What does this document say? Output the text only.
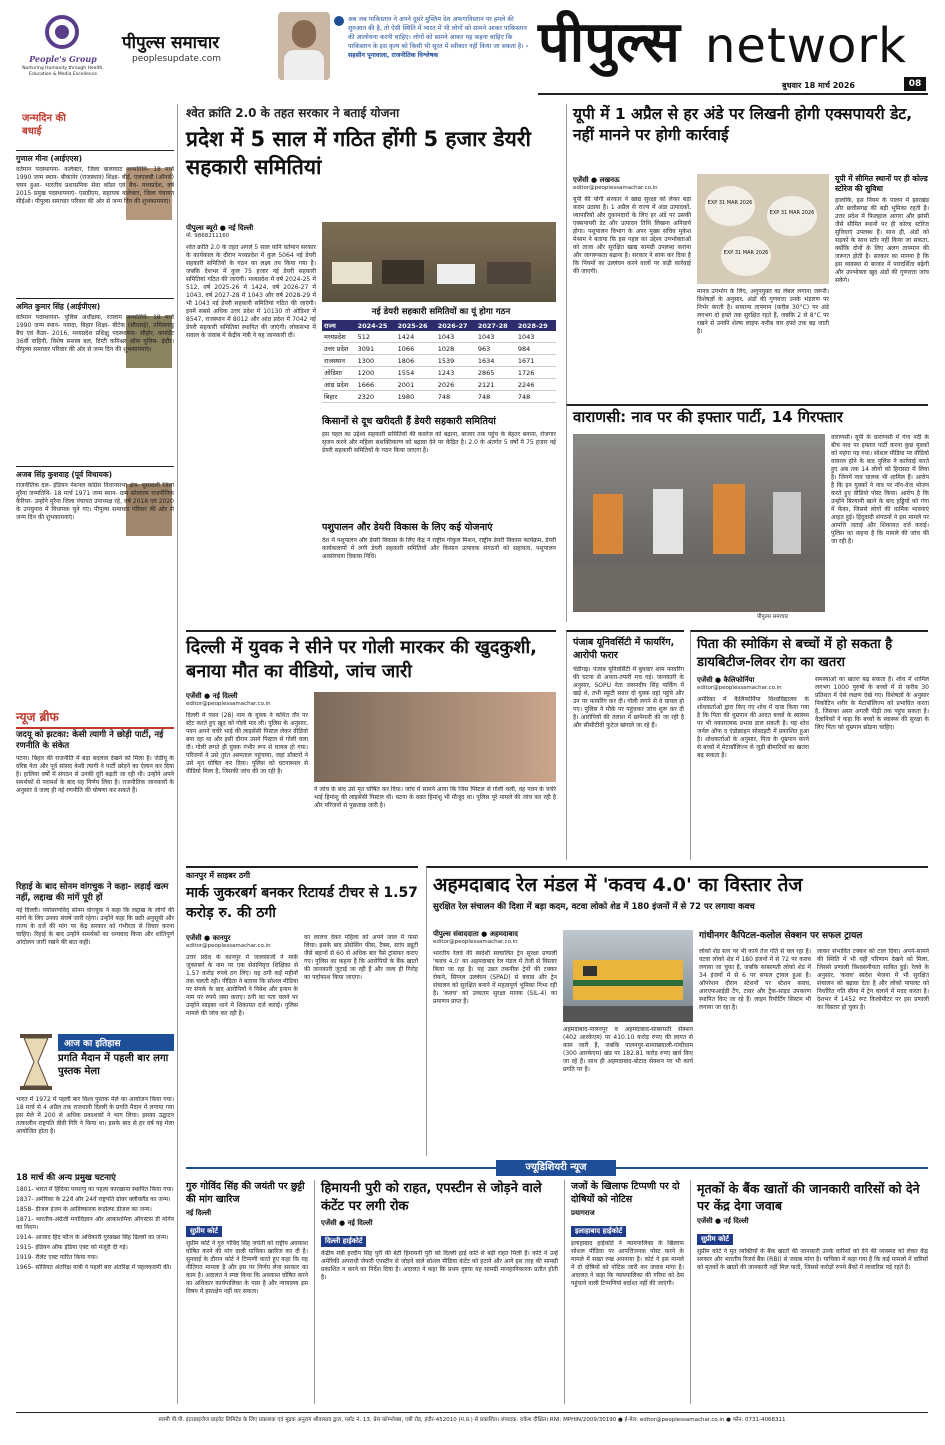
People's Group
Nurturing Humanity through Health, Education & Media Excellence
पीपुल्स समाचार
peoplesupdate.com
अब जब पाकिस्तान ने अपने दूसरे मुस्लिम देश अफगानिस्तान पर हमले की शुरुआत की है, तो ऐसी स्थिति में भारत में भी लोगों को सामने आकर पाकिस्तान की आलोचना करनी चाहिए। लोगों को सामने आकर यह कहना चाहिए कि पाकिस्तान के इस कृत्य को किसी भी सूरत में स्वीकार नहीं किया जा सकता है। - सहसीन पूनावाला, राजनीतिक विश्लेषक	पीपुल्स network
बुधवार 18 मार्च 2026	08
जन्मदिन की बधाई
गुणाल मीना (आईएएस)
वर्तमान पदस्थापना- कलेक्टर, जिला बालाघाट जन्मतिथि- 18 मार्च 1990 जन्म स्थान- बीकानेर (राजस्थान) शिक्षा- बीई, एलएलबी (ऑनर्स) चयन हुआ- भारतीय प्रशासनिक सेवा कॉडर एवं बैच- मध्यप्रदेश, वर्ष 2015 प्रमुख पदस्थापनाएं- एसडीएम, सहायक कलेक्टर, जिला पंचायत सीईओ। पीपुल्स समाचार परिवार की ओर से जन्म दिन की शुभकामनाएं।
अमित कुमार सिंह (आईपीएस)
वर्तमान पदस्थापना- पुलिस अधीक्षक, रतलाम जन्मतिथि- 18 मार्च 1990 जन्म स्थान- नवादा, बिहार शिक्षा- बीटेक (सीएसई), तमिलनाडु बैच एवं कैडर- 2016, मध्यप्रदेश प्रशिक्षु पदस्थापना- सीहोर, कमांडेंट 36वीं वाहिनी, विशेष सशस्त्र बल, डिप्टी कमिश्नर ऑफ पुलिस- इंदौर। पीपुल्स समाचार परिवार की ओर से जन्म दिन की शुभकामनाएं।
अजब सिंह कुशवाह (पूर्व विधायक)
राजनीतिक दल- इंडियन नेशनल कांग्रेस विधानसभा क्षेत्र- सुमावली जिला मुरैना जन्मतिथि- 18 मार्च 1971 जन्म स्थान- ग्राम कोलारस राजनीतिक कैरियर- उन्होंने मुरैना जिला पंचायत उपाध्यक्ष रहे, वर्ष 2018 एवं 2020 के उपचुनाव में विधायक चुने गए। पीपुल्स समाचार परिवार की ओर से जन्म दिन की शुभकामनाएं।
न्यूज ब्रीफ
जदयू को झटका: केसी त्यागी ने छोड़ी पार्टी, नई रणनीति के संकेत
पटना। बिहार की राजनीति में बड़ा बदलाव देखने को मिला है। जेडीयू के वरिष्ठ नेता और पूर्व सांसद केसी त्यागी ने पार्टी छोड़ने का ऐलान कर दिया है। हालिया वर्षों में संगठन से उनकी दूरी बढ़ती जा रही थी। उन्होंने अपने समर्थकों से परामर्श के बाद यह निर्णय लिया है। राजनीतिक जानकारों के अनुसार वे जल्द ही नई रणनीति की घोषणा कर सकते हैं।
रिहाई के बाद सोनम वांगचुक ने कहा- लड़ाई खत्म नहीं, लद्दाख की मांगें पूरी हों
नई दिल्ली। पर्यावरणविद् सोनम वांगचुक ने कहा कि लद्दाख के लोगों की मांगों के लिए उनका संघर्ष जारी रहेगा। उन्होंने कहा कि छठी अनुसूची और राज्य के दर्जे की मांग पर केंद्र सरकार को गंभीरता से विचार करना चाहिए। रिहाई के बाद उन्होंने समर्थकों का धन्यवाद किया और शांतिपूर्ण आंदोलन जारी रखने की बात कही।
आज का इतिहास
प्रगति मैदान में पहली बार लगा पुस्तक मेला
भारत में 1972 में पहली बार विश्व पुस्तक मेले का आयोजन किया गया। 18 मार्च से 4 अप्रैल तक राजधानी दिल्ली के प्रगति मैदान में लगाया गया इस मेले में 200 से अधिक प्रकाशकों ने भाग लिया। इसका उद्घाटन तत्कालीन राष्ट्रपति वीवी गिरि ने किया था। इसके बाद से हर वर्ष यह मेला आयोजित होता है।
18 मार्च की अन्य प्रमुख घटनाएं
1801- भारत में हिंदिया परमाणु का पहला कारखाना स्थापित किया गया।
1837- अमेरिका के 22वें और 24वें राष्ट्रपति ग्रोवर क्लीवलैंड का जन्म।
1858- डीजल इंजन के आविष्कारक रूडोल्फ डीजल का जन्म।
1871- भारतीय-अंग्रेजी मनोविज्ञान और आकाशमिक ऑगस्टस डी मोर्गन का निधन।
1914- आजाद हिंद फौज के अधिकारी गुरबख्श सिंह ढिल्लों का जन्म।
1915- इंडियन ऑफ इंडिया एक्ट को मंजूरी दी गई।
1919- रौलेट एक्ट पारित किया गया।
1965- सोवियत अंतरिक्ष यात्री ने पहली बार अंतरिक्ष में चहलकदमी की।
श्वेत क्रांति 2.0 के तहत सरकार ने बताई योजना
प्रदेश में 5 साल में गठित होंगी 5 हजार डेयरी सहकारी समितियां
पीपुल्स ब्यूरो ● नई दिल्ली
मो. 9868211160
श्वेत क्रांति 2.0 के तहत अगले 5 साल यानि वर्तमान सरकार के कार्यकाल के दौरान मध्यप्रदेश में कुल 5064 नई डेयरी सहकारी समितियों के गठन का लक्ष्य तय किया गया है। जबकि देशभर में कुल 75 हजार नई डेयरी सहकारी समितियां गठित की जाएंगी। मध्यप्रदेश में वर्ष 2024-25 में 512, वर्ष 2025-26 में 1424, वर्ष 2026-27 में 1043, वर्ष 2027-28 में 1043 और वर्ष 2028-29 में भी 1043 नई डेयरी सहकारी समितियां गठित की जाएंगी। इनमें सबसे अधिक उत्तर प्रदेश में 10130 तो ओडिशा में 8547, राजस्थान में 8012 और आंध्र प्रदेश में 7042 नई डेयरी सहकारी समितियां स्थापित की जाएंगी। लोकसभा में सवाल के जवाब में केंद्रीय मंत्री ने यह जानकारी दी।
नई डेयरी सहकारी समितियों का यूं होगा गठन
राज्य	2024-25	2025-26	2026-27	2027-28	2028-29
मध्यप्रदेश	512	1424	1043	1043	1043
उत्तर प्रदेश	3091	1066	1028	963	984
राजस्थान	1300	1806	1539	1634	1671
ओडिशा	1200	1554	1243	2865	1726
आंध्र प्रदेश	1666	2001	2026	2121	2246
बिहार	2320	1980	748	748	748
किसानों से दूध खरीदती हैं डेयरी सहकारी समितियां
इस पहल का उद्देश्य सहकारी समितियों की कवरेज को बढ़ाना, बाजार तक पहुंच के बेहतर बनाना, रोजगार सृजन करने और महिला सशक्तिकरण को बढ़ावा देने पर केंद्रित है। 2.0 के अंतर्गत 5 वर्षों में 75 हजार नई डेयरी सहकारी समितियों के गठन किया जाएगा है।
पशुपालन और डेयरी विकास के लिए कई योजनाएं
देश में पशुपालन और डेयरी विकास के लिए केंद्र ने राष्ट्रीय गोकुल मिशन, राष्ट्रीय डेयरी विकास कार्यक्रम, डेयरी कार्यकलापों में लगी डेयरी सहकारी समितियों और किसान उत्पादक संगठनों को सहायता, पशुपालन अवसंरचना विकास निधि।
यूपी में 1 अप्रैल से हर अंडे पर लिखनी होगी एक्सपायरी डेट, नहीं मानने पर होगी कार्रवाई
एजेंसी ● लखनऊ
editor@peoplessamachar.co.in
यूपी की योगी सरकार ने खाद्य सुरक्षा को लेकर बड़ा कदम उठाया है। 1 अप्रैल से राज्य में अंडा उत्पादकों, व्यापारियों और दुकानदारों के लिए हर अंडे पर उसकी एक्सपायरी डेट और उत्पादन तिथि लिखना अनिवार्य होगा। पशुपालन विभाग के अपर मुख्य सचिव मुकेश मेश्राम ने बताया कि इस पहल का उद्देश्य उपभोक्ताओं को ताजा और सुरक्षित खाद्य सामग्री उपलब्ध कराना और जागरूकता बढ़ाना है। सरकार ने साफ कर दिया है कि नियमों का उल्लंघन करने वालों पर कड़ी कार्रवाई की जाएगी।
EXP 31 MAR 2026
EXP 31 MAR 2026
EXP 31 MAR 2026
मानव उपभोग के लिए, अनुपयुक्त का लेबल लगाना जरूरी। विशेषज्ञों के अनुसार, अंडों की गुणवत्ता उनके भंडारण पर निर्भर करती है। सामान्य तापमान (करीब 30°C) पर अंडे लगभग दो हफ्ते तक सुरक्षित रहते हैं, जबकि 2 से 8°C पर रखने से उनकी शेल्फ लाइफ करीब चार हफ्ते तक बढ़ जाती है।
यूपी में सीमित स्थानों पर ही कोल्ड स्टोरेज की सुविधा
हालांकि, इस नियम के पालन में झारखंड और छत्तीसगढ़ की बड़ी भूमिका रहती है। उत्तर प्रदेश में फिलहाल आगरा और झांसी जैसे सीमित स्थानों पर ही कोल्ड स्टोरेज सुविधाएं उपलब्ध हैं। साथ ही, अंडों को सड़कों के साथ स्टोर नहीं किया जा सकता, क्योंकि दोनों के लिए अलग तापमान की जरूरत होती है। सरकार का मानना है कि इस व्यवस्था से बाजार में पारदर्शिता बढ़ेगी और उपभोक्ता खुद अंडों की गुणवत्ता जांच सकेंगे।
वाराणसी: नाव पर की इफ्तार पार्टी, 14 गिरफ्तार
पीपुल्स समाचार
वाराणसी। यूपी के वाराणसी में गंगा नदी के बीच नाव पर इफ्तार पार्टी करना कुछ युवकों को महंगा पड़ गया। सोशल मीडिया पर वीडियो वायरल होने के बाद पुलिस ने कार्रवाई करते हुए अब तक 14 लोगों को हिरासत में लिया है। जिनमें नाव चालक भी शामिल हैं। आरोप है कि इन युवकों ने नाव पर नॉन-वेज भोजन करते हुए वीडियो पोस्ट किया। आरोप है कि उन्होंने बिरयानी खाने के बाद हड्डियों को गंगा में फेंका, जिससे लोगों की धार्मिक भावनाएं आहत हुई। हिंदूवादी संगठनों ने इस मामले पर आपत्ति जताई और शिकायत दर्ज कराई। पुलिस का कहना है कि मामले की जांच की जा रही है।
दिल्ली में युवक ने सीने पर गोली मारकर की खुदकुशी, बनाया मौत का वीडियो, जांच जारी
एजेंसी ● नई दिल्ली
editor@peoplessamachar.co.in
दिल्ली में पवन (28) नाम के युवक ने कथित तौर पर स्टेट करते हुए खुद को गोली मार ली। पुलिस के अनुसार, पवन अपने चचेरे भाई की लाइसेंसी पिस्टल लेकर वीडियो बना रहा था और इसी दौरान उसने पिस्टल से गोली चला दी। गोली लगते ही युवक गंभीर रूप से घायल हो गया। परिजनों ने उसे तुरंत अस्पताल पहुंचाया, जहां डॉक्टरों ने उसे मृत घोषित कर दिया। पुलिस को घटनास्थल से वीडियो मिला है, जिसकी जांच की जा रही है।
ने जांच के बाद उसे मृत घोषित कर दिया। जांच में सामने आया कि जिस पिस्टल से गोली चली, वह पवन के चचेरे भाई हिमांशु की लाइसेंसी पिस्टल थी। घटना के वक्त हिमांशु भी मौजूद था। पुलिस पूरे मामले की जांच कर रही है और परिजनों से पूछताछ जारी है।
पंजाब यूनिवर्सिटी में फायरिंग, आरोपी फरार
चंडीगढ़। पंजाब यूनिवर्सिटी में बुधवार शाम फायरिंग की घटना से अफरा-तफरी मच गई। जानकारी के अनुसार, SOPU नेता जसनदीप सिंह पार्किंग में खड़े थे, तभी स्कूटी सवार दो युवक वहां पहुंचे और उन पर फायरिंग कर दी। गोली लगने से वे घायल हो गए। पुलिस ने मौके पर पहुंचकर जांच शुरू कर दी है। आरोपियों की तलाश में छापेमारी की जा रही है और सीसीटीवी फुटेज खंगाले जा रहे हैं।
पिता की स्मोकिंग से बच्चों में हो सकता है डायबिटीज-लिवर रोग का खतरा
एजेंसी ● कैलिफोर्निया
editor@peoplessamachar.co.in
अमेरिका में कैलिफोर्निया विश्वविद्यालय के शोधकर्ताओं द्वारा किए गए शोध में दावा किया गया है कि पिता की धूम्रपान की आदत बच्चों के स्वास्थ्य पर भी नकारात्मक प्रभाव डाल सकती है। यह शोध जर्नल ऑफ द एंडोक्राइन सोसाइटी में प्रकाशित हुआ है। शोधकर्ताओं के अनुसार, पिता के धूम्रपान करने से बच्चों में मेटाबॉलिज्म से जुड़ी बीमारियों का खतरा बढ़ सकता है।
समस्याओं का खतरा बढ़ सकता है। शोध में शामिल लगभग 1000 पुरुषों के बच्चों में से करीब 30 प्रतिशत में ऐसे लक्षण देखे गए। विशेषज्ञों के अनुसार निकोटिन शरीर के मेटाबॉलिज्म को प्रभावित करता है, जिसका असर अगली पीढ़ी तक पहुंच सकता है। वैज्ञानिकों ने कहा कि बच्चों के स्वास्थ्य की सुरक्षा के लिए पिता को धूम्रपान छोड़ना चाहिए।
कानपुर में साइबर ठगी
मार्क जुकरबर्ग बनकर रिटायर्ड टीचर से 1.57 करोड़ रु. की ठगी
एजेंसी ● कानपुर
editor@peoplessamachar.co.in
उत्तर प्रदेश के कानपुर में जालसाजों ने मार्क जुकरबर्ग के नाम पर एक सेवानिवृत्त शिक्षिका से 1.57 करोड़ रुपये ठग लिए। यह ठगी कई महीनों तक चलती रही। पीड़िता ने बताया कि सोशल मीडिया पर संपर्क के बाद आरोपियों ने निवेश और इनाम के नाम पर रुपये जमा कराए। ठगी का पता चलने पर उन्होंने साइबर थाने में शिकायत दर्ज कराई। पुलिस मामले की जांच कर रही है।
का लालच देकर महिला को अपने जाल में फंसा लिया। इसके बाद प्रोसेसिंग फीस, टैक्स, स्टांप ड्यूटी जैसे बहानों से 60 से अधिक बार पैसे ट्रांसफर कराए गए। पुलिस का कहना है कि आरोपियों के बैंक खातों की जानकारी जुटाई जा रही है और जल्द ही गिरोह का पर्दाफाश किया जाएगा।
अहमदाबाद रेल मंडल में 'कवच 4.0' का विस्तार तेज
सुरक्षित रेल संचालन की दिशा में बड़ा कदम, वटवा लोको शेड में 180 इंजनों में से 72 पर लगाया कवच
पीपुल्स संवाददाता ● अहमदाबाद
editor@peoplessamachar.co.in
भारतीय रेलवे की स्वदेशी स्वचालित ट्रेन सुरक्षा प्रणाली 'कवच 4.0' का अहमदाबाद रेल मंडल में तेजी से विस्तार किया जा रहा है। यह उन्नत तकनीक ट्रेनों की टक्कर रोकने, सिग्नल उल्लंघन (SPAD) से बचाव और ट्रेन संचालन को सुरक्षित बनाने में महत्वपूर्ण भूमिका निभा रही है। 'कवच' को उच्चतम सुरक्षा मानक (SIL-4) का प्रमाणन प्राप्त है।
अहमदाबाद-पालनपुर व अहमदाबाद-साबरमती सेक्शन (402 आरकेएम) पर 410.10 करोड़ रुपए की लागत से काम जारी है, जबकि पालनपुर-सामाखयाली-गांधीधाम (300 आरकेएम) खंड पर 182.81 करोड़ रुपए खर्च किए जा रहे हैं। साथ ही अहमदाबाद-बोटाद सेक्शन पर भी कार्य प्रगति पर है।
गांधीनगर कैपिटल-कलोल सेक्शन पर सफल ट्रायल
लोको शेड स्तर पर भी कार्य तेज गति से चल रहा है। वटवा लोको शेड में 180 इंजनों में से 72 पर कवच लगाया जा चुका है, जबकि साबरमती लोको शेड में 34 इंजनों में से 6 पर सफल ट्रायल हुआ है। ऑपरेशन दौरान स्टेशनों पर स्टेशन कवच, आरएफआईडी टैग, टावर और ट्रैक-साइड उपकरण स्थापित किए जा रहे हैं। लाइन रिपोर्टिंग सिस्टम भी लगाया जा रहा है।
लाकर संभावित टक्कर को टाल दिया। अपने-सामने की स्थिति में भी यही परिणाम देखने को मिला, जिससे प्रणाली विश्वसनीयता साबित हुई। रेलवे के अनुसार, 'कवच' स्वदेश भेजना में भी सुरक्षित संचालन को बढ़ावा देता है और लोको पायलट को निर्धारित गति सीमा में ट्रेन चलाने में मदद करता है। देशभर में 1452 रूट किलोमीटर पर इस प्रणाली का विस्तार हो चुका है।
ज्यूडिशियरी न्यूज
गुरु गोविंद सिंह की जयंती पर छुट्टी की मांग खारिज
नई दिल्ली
सुप्रीम कोर्ट
सुप्रीम कोर्ट ने गुरु गोविंद सिंह जयंती को राष्ट्रीय अवकाश घोषित करने की मांग वाली याचिका खारिज कर दी है। सुनवाई के दौरान कोर्ट ने टिप्पणी करते हुए कहा कि यह नीतिगत मामला है और इस पर निर्णय लेना सरकार का काम है। अदालत ने स्पष्ट किया कि अवकाश घोषित करने का अधिकार कार्यपालिका के पास है और न्यायालय इस विषय में हस्तक्षेप नहीं कर सकता।
हिमायनी पुरी को राहत, एपस्टीन से जोड़ने वाले कंटेंट पर लगी रोक
एजेंसी ● नई दिल्ली
दिल्ली हाईकोर्ट
केंद्रीय मंत्री हरदीप सिंह पुरी की बेटी हिमायनी पुरी को दिल्ली हाई कोर्ट से बड़ी राहत मिली है। कोर्ट ने उन्हें अमेरिकी अपराधी जेफरी एपस्टीन से जोड़ने वाले सोशल मीडिया कंटेंट को हटाने और आगे इस तरह की सामग्री प्रकाशित न करने का निर्देश दिया है। अदालत ने कहा कि प्रथम दृष्टया यह सामग्री मानहानिकारक प्रतीत होती है।
जजों के खिलाफ टिप्पणी पर दो दोषियों को नोटिस
प्रयागराज
इलाहाबाद हाईकोर्ट
इलाहाबाद हाईकोर्ट ने न्यायपालिका के खिलाफ सोशल मीडिया पर आपत्तिजनक पोस्ट करने के मामले में सख्त रुख अपनाया है। कोर्ट ने इस मामले में दो दोषियों को नोटिस जारी कर जवाब मांगा है। अदालत ने कहा कि न्यायपालिका की गरिमा को ठेस पहुंचाने वाली टिप्पणियां बर्दाश्त नहीं की जाएंगी।
मृतकों के बैंक खातों की जानकारी वारिसों को देने पर केंद्र देगा जवाब
एजेंसी ● नई दिल्ली
सुप्रीम कोर्ट
सुप्रीम कोर्ट ने मृत व्यक्तियों के बैंक खातों की जानकारी उनके वारिसों को देने की व्यवस्था को लेकर केंद्र सरकार और भारतीय रिजर्व बैंक (RBI) से जवाब मांगा है। याचिका में कहा गया है कि कई मामलों में वारिसों को मृतकों के खातों की जानकारी नहीं मिल पाती, जिससे करोड़ों रुपये बैंकों में लावारिस पड़े रहते हैं।
स्वामी पी.पी. इंटरप्राइजेज प्राइवेट लिमिटेड के लिए प्रकाशक एवं मुद्रक अनुराग श्रीवास्तव द्वारा, प्लॉट नं. 13, प्रेस कॉम्प्लेक्स, एबी रोड, इंदौर-452010 (म.प्र.) से प्रकाशित। संपादक: राकेश दीक्षित। RNI: MPHIN/2009/30190 ● ई-मेल: editor@peoplessamachar.co.in ● फोन: 0731-4068311
